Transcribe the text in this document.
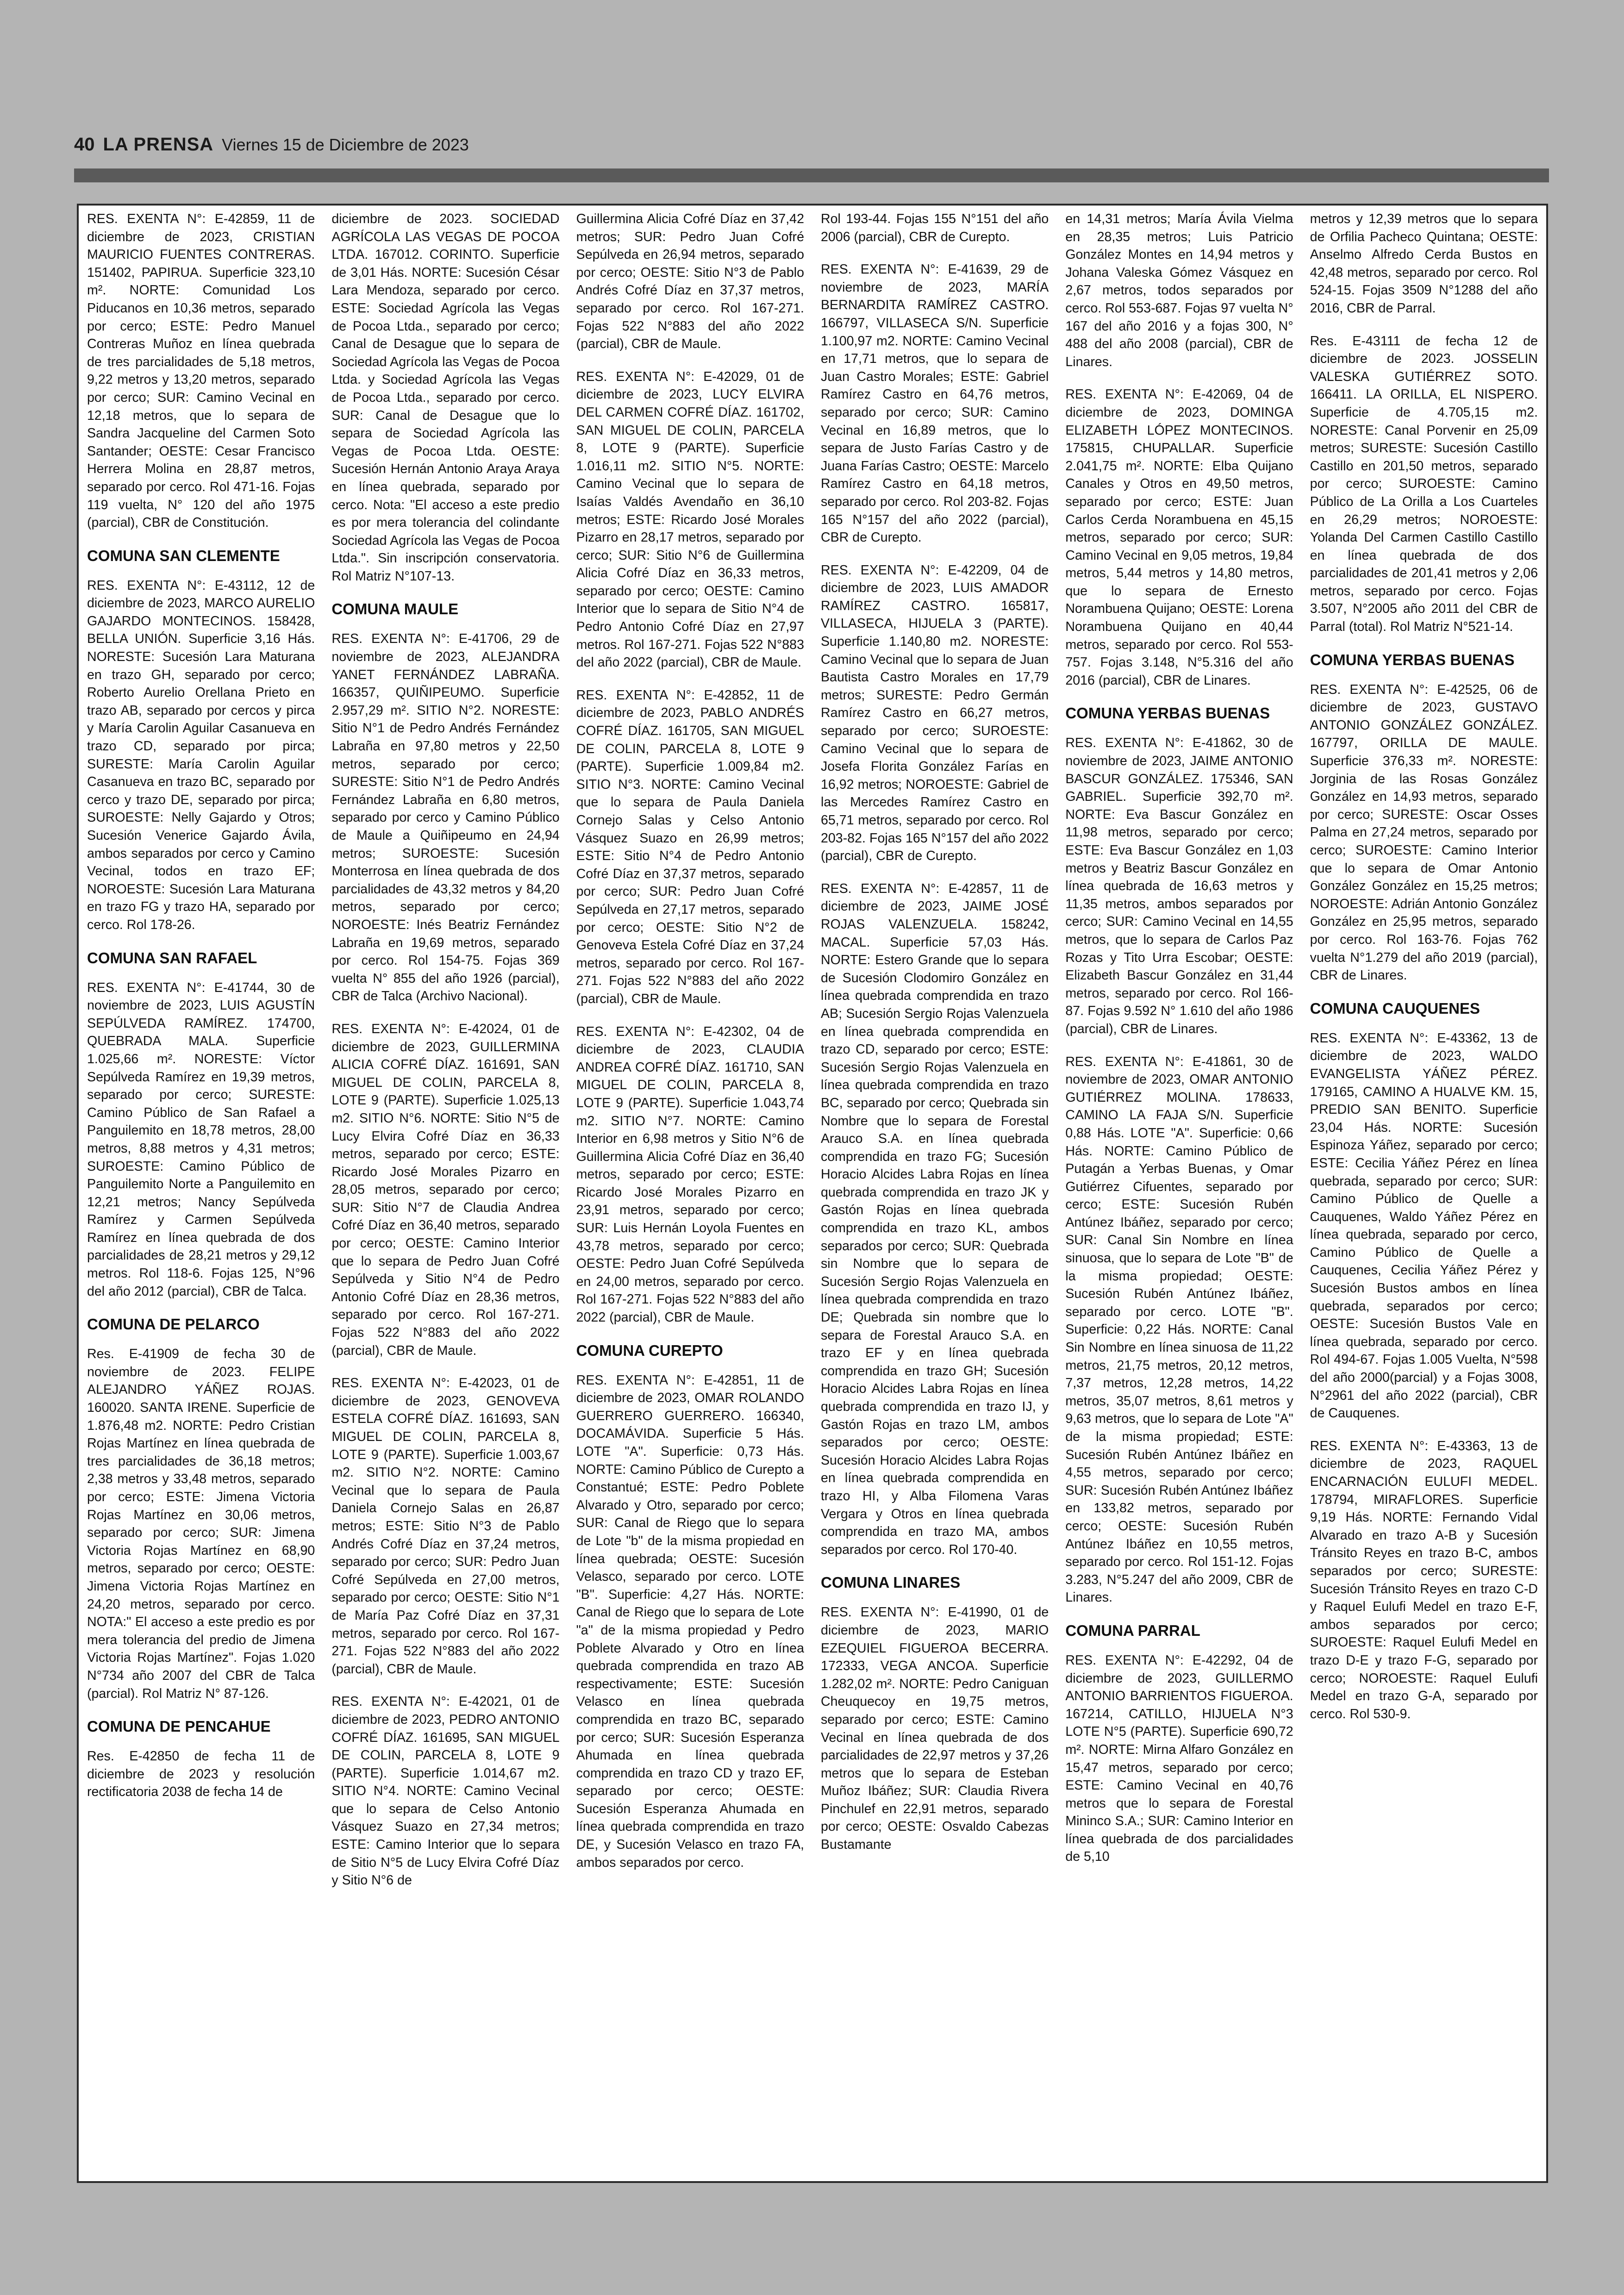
40 LA PRENSA Viernes 15 de Diciembre de 2023

RES. EXENTA N°: E-42859, 11 de diciembre de 2023, CRISTIAN MAURICIO FUENTES CONTRERAS. 151402, PAPIRUA. Superficie 323,10 m². NORTE: Comunidad Los Piducanos en 10,36 metros, separado por cerco; ESTE: Pedro Manuel Contreras Muñoz en línea quebrada de tres parcialidades de 5,18 metros, 9,22 metros y 13,20 metros, separado por cerco; SUR: Camino Vecinal en 12,18 metros, que lo separa de Sandra Jacqueline del Carmen Soto Santander; OESTE: Cesar Francisco Herrera Molina en 28,87 metros, separado por cerco. Rol 471-16. Fojas 119 vuelta, N° 120 del año 1975 (parcial), CBR de Constitución.

COMUNA SAN CLEMENTE

RES. EXENTA N°: E-43112, 12 de diciembre de 2023, MARCO AURELIO GAJARDO MONTECINOS. 158428, BELLA UNIÓN. Superficie 3,16 Hás. NORESTE: Sucesión Lara Maturana en trazo GH, separado por cerco; Roberto Aurelio Orellana Prieto en trazo AB, separado por cercos y pirca y María Carolin Aguilar Casanueva en trazo CD, separado por pirca; SURESTE: María Carolin Aguilar Casanueva en trazo BC, separado por cerco y trazo DE, separado por pirca; SUROESTE: Nelly Gajardo y Otros; Sucesión Venerice Gajardo Ávila, ambos separados por cerco y Camino Vecinal, todos en trazo EF; NOROESTE: Sucesión Lara Maturana en trazo FG y trazo HA, separado por cerco. Rol 178-26.

COMUNA SAN RAFAEL

RES. EXENTA N°: E-41744, 30 de noviembre de 2023, LUIS AGUSTÍN SEPÚLVEDA RAMÍREZ. 174700, QUEBRADA MALA. Superficie 1.025,66 m². NORESTE: Víctor Sepúlveda Ramírez en 19,39 metros, separado por cerco; SURESTE: Camino Público de San Rafael a Panguilemito en 18,78 metros, 28,00 metros, 8,88 metros y 4,31 metros; SUROESTE: Camino Público de Panguilemito Norte a Panguilemito en 12,21 metros; Nancy Sepúlveda Ramírez y Carmen Sepúlveda Ramírez en línea quebrada de dos parcialidades de 28,21 metros y 29,12 metros. Rol 118-6. Fojas 125, N°96 del año 2012 (parcial), CBR de Talca.

COMUNA DE PELARCO

Res. E-41909 de fecha 30 de noviembre de 2023. FELIPE ALEJANDRO YÁÑEZ ROJAS. 160020. SANTA IRENE. Superficie de 1.876,48 m2. NORTE: Pedro Cristian Rojas Martínez en línea quebrada de tres parcialidades de 36,18 metros; 2,38 metros y 33,48 metros, separado por cerco; ESTE: Jimena Victoria Rojas Martínez en 30,06 metros, separado por cerco; SUR: Jimena Victoria Rojas Martínez en 68,90 metros, separado por cerco; OESTE: Jimena Victoria Rojas Martínez en 24,20 metros, separado por cerco. NOTA:" El acceso a este predio es por mera tolerancia del predio de Jimena Victoria Rojas Martínez". Fojas 1.020 N°734 año 2007 del CBR de Talca (parcial). Rol Matriz N° 87-126.

COMUNA DE PENCAHUE

Res. E-42850 de fecha 11 de diciembre de 2023 y resolución rectificatoria 2038 de fecha 14 de

diciembre de 2023. SOCIEDAD AGRÍCOLA LAS VEGAS DE POCOA LTDA. 167012. CORINTO. Superficie de 3,01 Hás. NORTE: Sucesión César Lara Mendoza, separado por cerco. ESTE: Sociedad Agrícola las Vegas de Pocoa Ltda., separado por cerco; Canal de Desague que lo separa de Sociedad Agrícola las Vegas de Pocoa Ltda. y Sociedad Agrícola las Vegas de Pocoa Ltda., separado por cerco. SUR: Canal de Desague que lo separa de Sociedad Agrícola las Vegas de Pocoa Ltda. OESTE: Sucesión Hernán Antonio Araya Araya en línea quebrada, separado por cerco. Nota: "El acceso a este predio es por mera tolerancia del colindante Sociedad Agrícola las Vegas de Pocoa Ltda.". Sin inscripción conservatoria. Rol Matriz N°107-13.

COMUNA MAULE

RES. EXENTA N°: E-41706, 29 de noviembre de 2023, ALEJANDRA YANET FERNÁNDEZ LABRAÑA. 166357, QUIÑIPEUMO. Superficie 2.957,29 m². SITIO N°2. NORESTE: Sitio N°1 de Pedro Andrés Fernández Labraña en 97,80 metros y 22,50 metros, separado por cerco; SURESTE: Sitio N°1 de Pedro Andrés Fernández Labraña en 6,80 metros, separado por cerco y Camino Público de Maule a Quiñipeumo en 24,94 metros; SUROESTE: Sucesión Monterrosa en línea quebrada de dos parcialidades de 43,32 metros y 84,20 metros, separado por cerco; NOROESTE: Inés Beatriz Fernández Labraña en 19,69 metros, separado por cerco. Rol 154-75. Fojas 369 vuelta N° 855 del año 1926 (parcial), CBR de Talca (Archivo Nacional).

RES. EXENTA N°: E-42024, 01 de diciembre de 2023, GUILLERMINA ALICIA COFRÉ DÍAZ. 161691, SAN MIGUEL DE COLIN, PARCELA 8, LOTE 9 (PARTE). Superficie 1.025,13 m2. SITIO N°6. NORTE: Sitio N°5 de Lucy Elvira Cofré Díaz en 36,33 metros, separado por cerco; ESTE: Ricardo José Morales Pizarro en 28,05 metros, separado por cerco; SUR: Sitio N°7 de Claudia Andrea Cofré Díaz en 36,40 metros, separado por cerco; OESTE: Camino Interior que lo separa de Pedro Juan Cofré Sepúlveda y Sitio N°4 de Pedro Antonio Cofré Díaz en 28,36 metros, separado por cerco. Rol 167-271. Fojas 522 N°883 del año 2022 (parcial), CBR de Maule.

RES. EXENTA N°: E-42023, 01 de diciembre de 2023, GENOVEVA ESTELA COFRÉ DÍAZ. 161693, SAN MIGUEL DE COLIN, PARCELA 8, LOTE 9 (PARTE). Superficie 1.003,67 m2. SITIO N°2. NORTE: Camino Vecinal que lo separa de Paula Daniela Cornejo Salas en 26,87 metros; ESTE: Sitio N°3 de Pablo Andrés Cofré Díaz en 37,24 metros, separado por cerco; SUR: Pedro Juan Cofré Sepúlveda en 27,00 metros, separado por cerco; OESTE: Sitio N°1 de María Paz Cofré Díaz en 37,31 metros, separado por cerco. Rol 167-271. Fojas 522 N°883 del año 2022 (parcial), CBR de Maule.

RES. EXENTA N°: E-42021, 01 de diciembre de 2023, PEDRO ANTONIO COFRÉ DÍAZ. 161695, SAN MIGUEL DE COLIN, PARCELA 8, LOTE 9 (PARTE). Superficie 1.014,67 m2. SITIO N°4. NORTE: Camino Vecinal que lo separa de Celso Antonio Vásquez Suazo en 27,34 metros; ESTE: Camino Interior que lo separa de Sitio N°5 de Lucy Elvira Cofré Díaz y Sitio N°6 de

Guillermina Alicia Cofré Díaz en 37,42 metros; SUR: Pedro Juan Cofré Sepúlveda en 26,94 metros, separado por cerco; OESTE: Sitio N°3 de Pablo Andrés Cofré Díaz en 37,37 metros, separado por cerco. Rol 167-271. Fojas 522 N°883 del año 2022 (parcial), CBR de Maule.

RES. EXENTA N°: E-42029, 01 de diciembre de 2023, LUCY ELVIRA DEL CARMEN COFRÉ DÍAZ. 161702, SAN MIGUEL DE COLIN, PARCELA 8, LOTE 9 (PARTE). Superficie 1.016,11 m2. SITIO N°5. NORTE: Camino Vecinal que lo separa de Isaías Valdés Avendaño en 36,10 metros; ESTE: Ricardo José Morales Pizarro en 28,17 metros, separado por cerco; SUR: Sitio N°6 de Guillermina Alicia Cofré Díaz en 36,33 metros, separado por cerco; OESTE: Camino Interior que lo separa de Sitio N°4 de Pedro Antonio Cofré Díaz en 27,97 metros. Rol 167-271. Fojas 522 N°883 del año 2022 (parcial), CBR de Maule.

RES. EXENTA N°: E-42852, 11 de diciembre de 2023, PABLO ANDRÉS COFRÉ DÍAZ. 161705, SAN MIGUEL DE COLIN, PARCELA 8, LOTE 9 (PARTE). Superficie 1.009,84 m2. SITIO N°3. NORTE: Camino Vecinal que lo separa de Paula Daniela Cornejo Salas y Celso Antonio Vásquez Suazo en 26,99 metros; ESTE: Sitio N°4 de Pedro Antonio Cofré Díaz en 37,37 metros, separado por cerco; SUR: Pedro Juan Cofré Sepúlveda en 27,17 metros, separado por cerco; OESTE: Sitio N°2 de Genoveva Estela Cofré Díaz en 37,24 metros, separado por cerco. Rol 167-271. Fojas 522 N°883 del año 2022 (parcial), CBR de Maule.

RES. EXENTA N°: E-42302, 04 de diciembre de 2023, CLAUDIA ANDREA COFRÉ DÍAZ. 161710, SAN MIGUEL DE COLIN, PARCELA 8, LOTE 9 (PARTE). Superficie 1.043,74 m2. SITIO N°7. NORTE: Camino Interior en 6,98 metros y Sitio N°6 de Guillermina Alicia Cofré Díaz en 36,40 metros, separado por cerco; ESTE: Ricardo José Morales Pizarro en 23,91 metros, separado por cerco; SUR: Luis Hernán Loyola Fuentes en 43,78 metros, separado por cerco; OESTE: Pedro Juan Cofré Sepúlveda en 24,00 metros, separado por cerco. Rol 167-271. Fojas 522 N°883 del año 2022 (parcial), CBR de Maule.

COMUNA CUREPTO

RES. EXENTA N°: E-42851, 11 de diciembre de 2023, OMAR ROLANDO GUERRERO GUERRERO. 166340, DOCAMÁVIDA. Superficie 5 Hás. LOTE "A". Superficie: 0,73 Hás. NORTE: Camino Público de Curepto a Constantué; ESTE: Pedro Poblete Alvarado y Otro, separado por cerco; SUR: Canal de Riego que lo separa de Lote "b" de la misma propiedad en línea quebrada; OESTE: Sucesión Velasco, separado por cerco. LOTE "B". Superficie: 4,27 Hás. NORTE: Canal de Riego que lo separa de Lote "a" de la misma propiedad y Pedro Poblete Alvarado y Otro en línea quebrada comprendida en trazo AB respectivamente; ESTE: Sucesión Velasco en línea quebrada comprendida en trazo BC, separado por cerco; SUR: Sucesión Esperanza Ahumada en línea quebrada comprendida en trazo CD y trazo EF, separado por cerco; OESTE: Sucesión Esperanza Ahumada en línea quebrada comprendida en trazo DE, y Sucesión Velasco en trazo FA, ambos separados por cerco.

Rol 193-44. Fojas 155 N°151 del año 2006 (parcial), CBR de Curepto.

RES. EXENTA N°: E-41639, 29 de noviembre de 2023, MARÍA BERNARDITA RAMÍREZ CASTRO. 166797, VILLASECA S/N. Superficie 1.100,97 m2. NORTE: Camino Vecinal en 17,71 metros, que lo separa de Juan Castro Morales; ESTE: Gabriel Ramírez Castro en 64,76 metros, separado por cerco; SUR: Camino Vecinal en 16,89 metros, que lo separa de Justo Farías Castro y de Juana Farías Castro; OESTE: Marcelo Ramírez Castro en 64,18 metros, separado por cerco. Rol 203-82. Fojas 165 N°157 del año 2022 (parcial), CBR de Curepto.

RES. EXENTA N°: E-42209, 04 de diciembre de 2023, LUIS AMADOR RAMÍREZ CASTRO. 165817, VILLASECA, HIJUELA 3 (PARTE). Superficie 1.140,80 m2. NORESTE: Camino Vecinal que lo separa de Juan Bautista Castro Morales en 17,79 metros; SURESTE: Pedro Germán Ramírez Castro en 66,27 metros, separado por cerco; SUROESTE: Camino Vecinal que lo separa de Josefa Florita González Farías en 16,92 metros; NOROESTE: Gabriel de las Mercedes Ramírez Castro en 65,71 metros, separado por cerco. Rol 203-82. Fojas 165 N°157 del año 2022 (parcial), CBR de Curepto.

RES. EXENTA N°: E-42857, 11 de diciembre de 2023, JAIME JOSÉ ROJAS VALENZUELA. 158242, MACAL. Superficie 57,03 Hás. NORTE: Estero Grande que lo separa de Sucesión Clodomiro González en línea quebrada comprendida en trazo AB; Sucesión Sergio Rojas Valenzuela en línea quebrada comprendida en trazo CD, separado por cerco; ESTE: Sucesión Sergio Rojas Valenzuela en línea quebrada comprendida en trazo BC, separado por cerco; Quebrada sin Nombre que lo separa de Forestal Arauco S.A. en línea quebrada comprendida en trazo FG; Sucesión Horacio Alcides Labra Rojas en línea quebrada comprendida en trazo JK y Gastón Rojas en línea quebrada comprendida en trazo KL, ambos separados por cerco; SUR: Quebrada sin Nombre que lo separa de Sucesión Sergio Rojas Valenzuela en línea quebrada comprendida en trazo DE; Quebrada sin nombre que lo separa de Forestal Arauco S.A. en trazo EF y en línea quebrada comprendida en trazo GH; Sucesión Horacio Alcides Labra Rojas en línea quebrada comprendida en trazo IJ, y Gastón Rojas en trazo LM, ambos separados por cerco; OESTE: Sucesión Horacio Alcides Labra Rojas en línea quebrada comprendida en trazo HI, y Alba Filomena Varas Vergara y Otros en línea quebrada comprendida en trazo MA, ambos separados por cerco. Rol 170-40.

COMUNA LINARES

RES. EXENTA N°: E-41990, 01 de diciembre de 2023, MARIO EZEQUIEL FIGUEROA BECERRA. 172333, VEGA ANCOA. Superficie 1.282,02 m². NORTE: Pedro Caniguan Cheuquecoy en 19,75 metros, separado por cerco; ESTE: Camino Vecinal en línea quebrada de dos parcialidades de 22,97 metros y 37,26 metros que lo separa de Esteban Muñoz Ibáñez; SUR: Claudia Rivera Pinchulef en 22,91 metros, separado por cerco; OESTE: Osvaldo Cabezas Bustamante

en 14,31 metros; María Ávila Vielma en 28,35 metros; Luis Patricio González Montes en 14,94 metros y Johana Valeska Gómez Vásquez en 2,67 metros, todos separados por cerco. Rol 553-687. Fojas 97 vuelta N° 167 del año 2016 y a fojas 300, N° 488 del año 2008 (parcial), CBR de Linares.

RES. EXENTA N°: E-42069, 04 de diciembre de 2023, DOMINGA ELIZABETH LÓPEZ MONTECINOS. 175815, CHUPALLAR. Superficie 2.041,75 m². NORTE: Elba Quijano Canales y Otros en 49,50 metros, separado por cerco; ESTE: Juan Carlos Cerda Norambuena en 45,15 metros, separado por cerco; SUR: Camino Vecinal en 9,05 metros, 19,84 metros, 5,44 metros y 14,80 metros, que lo separa de Ernesto Norambuena Quijano; OESTE: Lorena Norambuena Quijano en 40,44 metros, separado por cerco. Rol 553-757. Fojas 3.148, N°5.316 del año 2016 (parcial), CBR de Linares.

COMUNA YERBAS BUENAS

RES. EXENTA N°: E-41862, 30 de noviembre de 2023, JAIME ANTONIO BASCUR GONZÁLEZ. 175346, SAN GABRIEL. Superficie 392,70 m². NORTE: Eva Bascur González en 11,98 metros, separado por cerco; ESTE: Eva Bascur González en 1,03 metros y Beatriz Bascur González en línea quebrada de 16,63 metros y 11,35 metros, ambos separados por cerco; SUR: Camino Vecinal en 14,55 metros, que lo separa de Carlos Paz Rozas y Tito Urra Escobar; OESTE: Elizabeth Bascur González en 31,44 metros, separado por cerco. Rol 166-87. Fojas 9.592 N° 1.610 del año 1986 (parcial), CBR de Linares.

RES. EXENTA N°: E-41861, 30 de noviembre de 2023, OMAR ANTONIO GUTIÉRREZ MOLINA. 178633, CAMINO LA FAJA S/N. Superficie 0,88 Hás. LOTE "A". Superficie: 0,66 Hás. NORTE: Camino Público de Putagán a Yerbas Buenas, y Omar Gutiérrez Cifuentes, separado por cerco; ESTE: Sucesión Rubén Antúnez Ibáñez, separado por cerco; SUR: Canal Sin Nombre en línea sinuosa, que lo separa de Lote "B" de la misma propiedad; OESTE: Sucesión Rubén Antúnez Ibáñez, separado por cerco. LOTE "B". Superficie: 0,22 Hás. NORTE: Canal Sin Nombre en línea sinuosa de 11,22 metros, 21,75 metros, 20,12 metros, 7,37 metros, 12,28 metros, 14,22 metros, 35,07 metros, 8,61 metros y 9,63 metros, que lo separa de Lote "A" de la misma propiedad; ESTE: Sucesión Rubén Antúnez Ibáñez en 4,55 metros, separado por cerco; SUR: Sucesión Rubén Antúnez Ibáñez en 133,82 metros, separado por cerco; OESTE: Sucesión Rubén Antúnez Ibáñez en 10,55 metros, separado por cerco. Rol 151-12. Fojas 3.283, N°5.247 del año 2009, CBR de Linares.

COMUNA PARRAL

RES. EXENTA N°: E-42292, 04 de diciembre de 2023, GUILLERMO ANTONIO BARRIENTOS FIGUEROA. 167214, CATILLO, HIJUELA N°3 LOTE N°5 (PARTE). Superficie 690,72 m². NORTE: Mirna Alfaro González en 15,47 metros, separado por cerco; ESTE: Camino Vecinal en 40,76 metros que lo separa de Forestal Mininco S.A.; SUR: Camino Interior en línea quebrada de dos parcialidades de 5,10

metros y 12,39 metros que lo separa de Orfilia Pacheco Quintana; OESTE: Anselmo Alfredo Cerda Bustos en 42,48 metros, separado por cerco. Rol 524-15. Fojas 3509 N°1288 del año 2016, CBR de Parral.

Res. E-43111 de fecha 12 de diciembre de 2023. JOSSELIN VALESKA GUTIÉRREZ SOTO. 166411. LA ORILLA, EL NISPERO. Superficie de 4.705,15 m2. NORESTE: Canal Porvenir en 25,09 metros; SURESTE: Sucesión Castillo Castillo en 201,50 metros, separado por cerco; SUROESTE: Camino Público de La Orilla a Los Cuarteles en 26,29 metros; NOROESTE: Yolanda Del Carmen Castillo Castillo en línea quebrada de dos parcialidades de 201,41 metros y 2,06 metros, separado por cerco. Fojas 3.507, N°2005 año 2011 del CBR de Parral (total). Rol Matriz N°521-14.

COMUNA YERBAS BUENAS

RES. EXENTA N°: E-42525, 06 de diciembre de 2023, GUSTAVO ANTONIO GONZÁLEZ GONZÁLEZ. 167797, ORILLA DE MAULE. Superficie 376,33 m². NORESTE: Jorginia de las Rosas González González en 14,93 metros, separado por cerco; SURESTE: Oscar Osses Palma en 27,24 metros, separado por cerco; SUROESTE: Camino Interior que lo separa de Omar Antonio González González en 15,25 metros; NOROESTE: Adrián Antonio González González en 25,95 metros, separado por cerco. Rol 163-76. Fojas 762 vuelta N°1.279 del año 2019 (parcial), CBR de Linares.

COMUNA CAUQUENES

RES. EXENTA N°: E-43362, 13 de diciembre de 2023, WALDO EVANGELISTA YÁÑEZ PÉREZ. 179165, CAMINO A HUALVE KM. 15, PREDIO SAN BENITO. Superficie 23,04 Hás. NORTE: Sucesión Espinoza Yáñez, separado por cerco; ESTE: Cecilia Yáñez Pérez en línea quebrada, separado por cerco; SUR: Camino Público de Quelle a Cauquenes, Waldo Yáñez Pérez en línea quebrada, separado por cerco, Camino Público de Quelle a Cauquenes, Cecilia Yáñez Pérez y Sucesión Bustos ambos en línea quebrada, separados por cerco; OESTE: Sucesión Bustos Vale en línea quebrada, separado por cerco. Rol 494-67. Fojas 1.005 Vuelta, N°598 del año 2000(parcial) y a Fojas 3008, N°2961 del año 2022 (parcial), CBR de Cauquenes.

RES. EXENTA N°: E-43363, 13 de diciembre de 2023, RAQUEL ENCARNACIÓN EULUFI MEDEL. 178794, MIRAFLORES. Superficie 9,19 Hás. NORTE: Fernando Vidal Alvarado en trazo A-B y Sucesión Tránsito Reyes en trazo B-C, ambos separados por cerco; SURESTE: Sucesión Tránsito Reyes en trazo C-D y Raquel Eulufi Medel en trazo E-F, ambos separados por cerco; SUROESTE: Raquel Eulufi Medel en trazo D-E y trazo F-G, separado por cerco; NOROESTE: Raquel Eulufi Medel en trazo G-A, separado por cerco. Rol 530-9.
